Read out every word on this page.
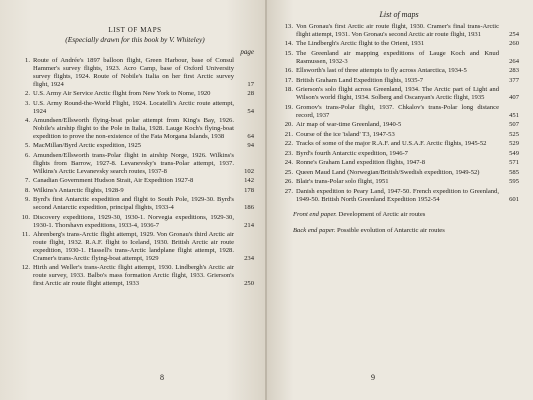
LIST OF MAPS
(Especially drawn for this book by V. Whiteley)
page
1. Route of Andrée's 1897 balloon flight, Green Harbour, base of Consul Hammer's survey flights, 1923. Acro Camp, base of Oxford University survey flights, 1924. Route of Nobile's Italia on her first Arctic survey flight, 1924	17
2. U.S. Army Air Service Arctic flight from New York to Nome, 1920	28
3. U.S. Army Round-the-World Flight, 1924. Locatelli's Arctic route attempt, 1924	54
4. Amundsen/Ellsworth flying-boat polar attempt from King's Bay, 1926. Nobile's airship flight to the Pole in Italia, 1928. Lauge Koch's flying-boat expedition to prove the non-existence of the Fata Morgana Islands, 1938	64
5. MacMillan/Byrd Arctic expedition, 1925	94
6. Amundsen/Ellsworth trans-Polar flight in airship Norge, 1926. Wilkins's flights from Barrow, 1927-8. Levanevsky's trans-Polar attempt, 1937. Wilkins's Arctic Levanevsky search routes, 1937-8	102
7. Canadian Government Hudson Strait, Air Expedition 1927-8	142
8. Wilkins's Antarctic flights, 1928-9	178
9. Byrd's first Antarctic expedition and flight to South Pole, 1929-30. Byrd's second Antarctic expedition, principal flights, 1933-4	186
10. Discovery expeditions, 1929-30, 1930-1. Norvegia expeditions, 1929-30, 1930-1. Thorshavn expeditions, 1933-4, 1936-7	214
11. Ahrenberg's trans-Arctic flight attempt, 1929. Von Gronau's third Arctic air route flight, 1932. R.A.F. flight to Iceland, 1930. British Arctic air route expedition, 1930-1. Hassell's trans-Arctic landplane flight attempt, 1928. Cramer's trans-Arctic flying-boat attempt, 1929	234
12. Hirth and Weller's trans-Arctic flight attempt, 1930. Lindbergh's Arctic air route survey, 1933. Balbo's mass formation Arctic flight, 1933. Grierson's first Arctic air route flight attempt, 1933	250
8
List of maps
13. Von Gronau's first Arctic air route flight, 1930. Cramer's final trans-Arctic flight attempt, 1931. Von Gronau's second Arctic air route flight, 1931	254
14. The Lindbergh's Arctic flight to the Orient, 1931	260
15. The Greenland air mapping expeditions of Lauge Koch and Knud Rasmussen, 1932-3	264
16. Ellsworth's last of three attempts to fly across Antarctica, 1934-5	283
17. British Graham Land Expedition flights, 1935-7	377
18. Grierson's solo flight across Greenland, 1934. The Arctic part of Light and Wilson's world flight, 1934. Solberg and Oscanyan's Arctic flight, 1935	407
19. Gromov's trans-Polar flight, 1937. Chkalov's trans-Polar long distance record, 1937	451
20. Air map of war-time Greenland, 1940-5	507
21. Course of the ice 'island' T3, 1947-53	525
22. Tracks of some of the major R.A.F. and U.S.A.F. Arctic flights, 1945-52	529
23. Byrd's fourth Antarctic expedition, 1946-7	549
24. Ronne's Graham Land expedition flights, 1947-8	571
25. Queen Maud Land (Norwegian/British/Swedish expedition, 1949-52)	585
26. Blair's trans-Polar solo flight, 1951	595
27. Danish expedition to Peary Land, 1947-50. French expedition to Greenland, 1949-50. British North Greenland Expedition 1952-54	601
Front end paper. Development of Arctic air routes
Back end paper. Possible evolution of Antarctic air routes
9
